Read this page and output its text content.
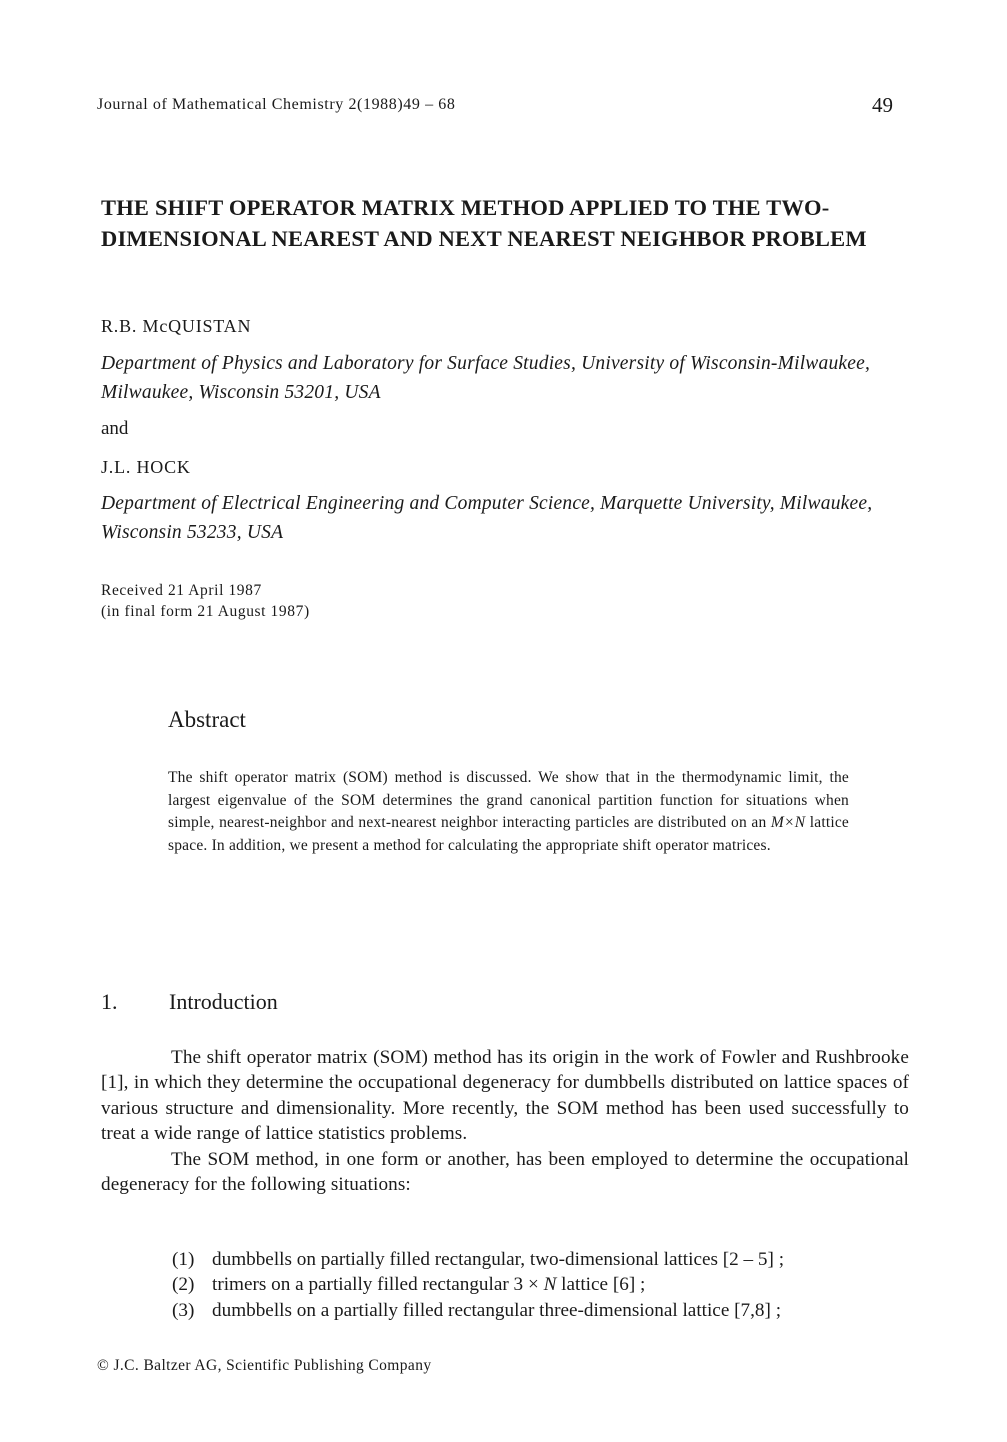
Journal of Mathematical Chemistry 2(1988)49 – 68	49
THE SHIFT OPERATOR MATRIX METHOD APPLIED TO THE TWO-DIMENSIONAL NEAREST AND NEXT NEAREST NEIGHBOR PROBLEM
R.B. McQUISTAN
Department of Physics and Laboratory for Surface Studies, University of Wisconsin-Milwaukee, Milwaukee, Wisconsin 53201, USA
and
J.L. HOCK
Department of Electrical Engineering and Computer Science, Marquette University, Milwaukee, Wisconsin 53233, USA
Received 21 April 1987
(in final form 21 August 1987)
Abstract
The shift operator matrix (SOM) method is discussed. We show that in the thermodynamic limit, the largest eigenvalue of the SOM determines the grand canonical partition function for situations when simple, nearest-neighbor and next-nearest neighbor interacting particles are distributed on an M×N lattice space. In addition, we present a method for calculating the appropriate shift operator matrices.
1. Introduction

The shift operator matrix (SOM) method has its origin in the work of Fowler and Rushbrooke [1], in which they determine the occupational degeneracy for dumbbells distributed on lattice spaces of various structure and dimensionality. More recently, the SOM method has been used successfully to treat a wide range of lattice statistics problems.

The SOM method, in one form or another, has been employed to determine the occupational degeneracy for the following situations:

(1) dumbbells on partially filled rectangular, two-dimensional lattices [2 – 5] ;
(2) trimers on a partially filled rectangular 3 × N lattice [6] ;
(3) dumbbells on a partially filled rectangular three-dimensional lattice [7,8] ;
© J.C. Baltzer AG, Scientific Publishing Company
